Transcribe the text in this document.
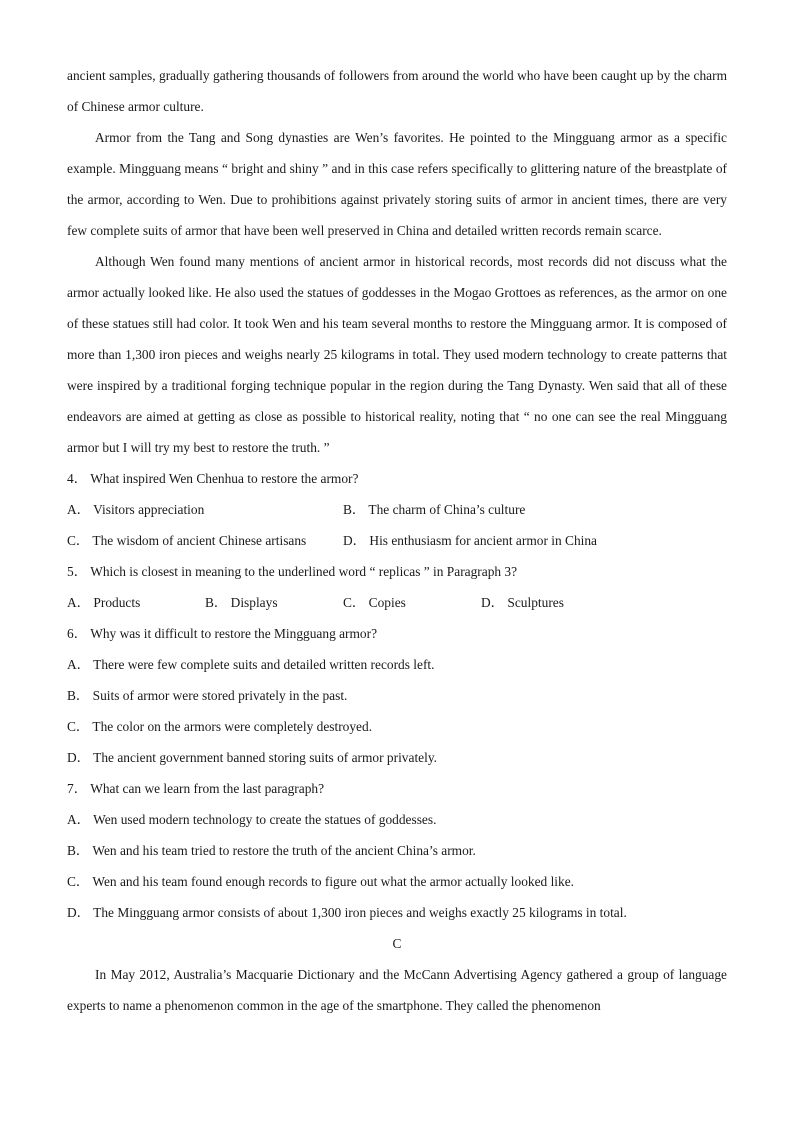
ancient samples, gradually gathering thousands of followers from around the world who have been caught up by the charm of Chinese armor culture.

Armor from the Tang and Song dynasties are Wen’s favorites. He pointed to the Mingguang armor as a specific example. Mingguang means “ bright and shiny ” and in this case refers specifically to glittering nature of the breastplate of the armor, according to Wen. Due to prohibitions against privately storing suits of armor in ancient times, there are very few complete suits of armor that have been well preserved in China and detailed written records remain scarce.

Although Wen found many mentions of ancient armor in historical records, most records did not discuss what the armor actually looked like. He also used the statues of goddesses in the Mogao Grottoes as references, as the armor on one of these statues still had color. It took Wen and his team several months to restore the Mingguang armor. It is composed of more than 1,300 iron pieces and weighs nearly 25 kilograms in total. They used modern technology to create patterns that were inspired by a traditional forging technique popular in the region during the Tang Dynasty. Wen said that all of these endeavors are aimed at getting as close as possible to historical reality, noting that “ no one can see the real Mingguang armor but I will try my best to restore the truth. ”

4． What inspired Wen Chenhua to restore the armor?

A． Visitors appreciation	B． The charm of China’s culture
C． The wisdom of ancient Chinese artisans	D． His enthusiasm for ancient armor in China

5． Which is closest in meaning to the underlined word “ replicas ” in Paragraph 3?

A． Products	B． Displays	C． Copies	D． Sculptures

6． Why was it difficult to restore the Mingguang armor?

A． There were few complete suits and detailed written records left.

B． Suits of armor were stored privately in the past.

C． The color on the armors were completely destroyed.

D． The ancient government banned storing suits of armor privately.

7． What can we learn from the last paragraph?

A． Wen used modern technology to create the statues of goddesses.

B． Wen and his team tried to restore the truth of the ancient China’s armor.

C． Wen and his team found enough records to figure out what the armor actually looked like.

D． The Mingguang armor consists of about 1,300 iron pieces and weighs exactly 25 kilograms in total.

C

In May 2012, Australia’s Macquarie Dictionary and the McCann Advertising Agency gathered a group of language experts to name a phenomenon common in the age of the smartphone. They called the phenomenon
